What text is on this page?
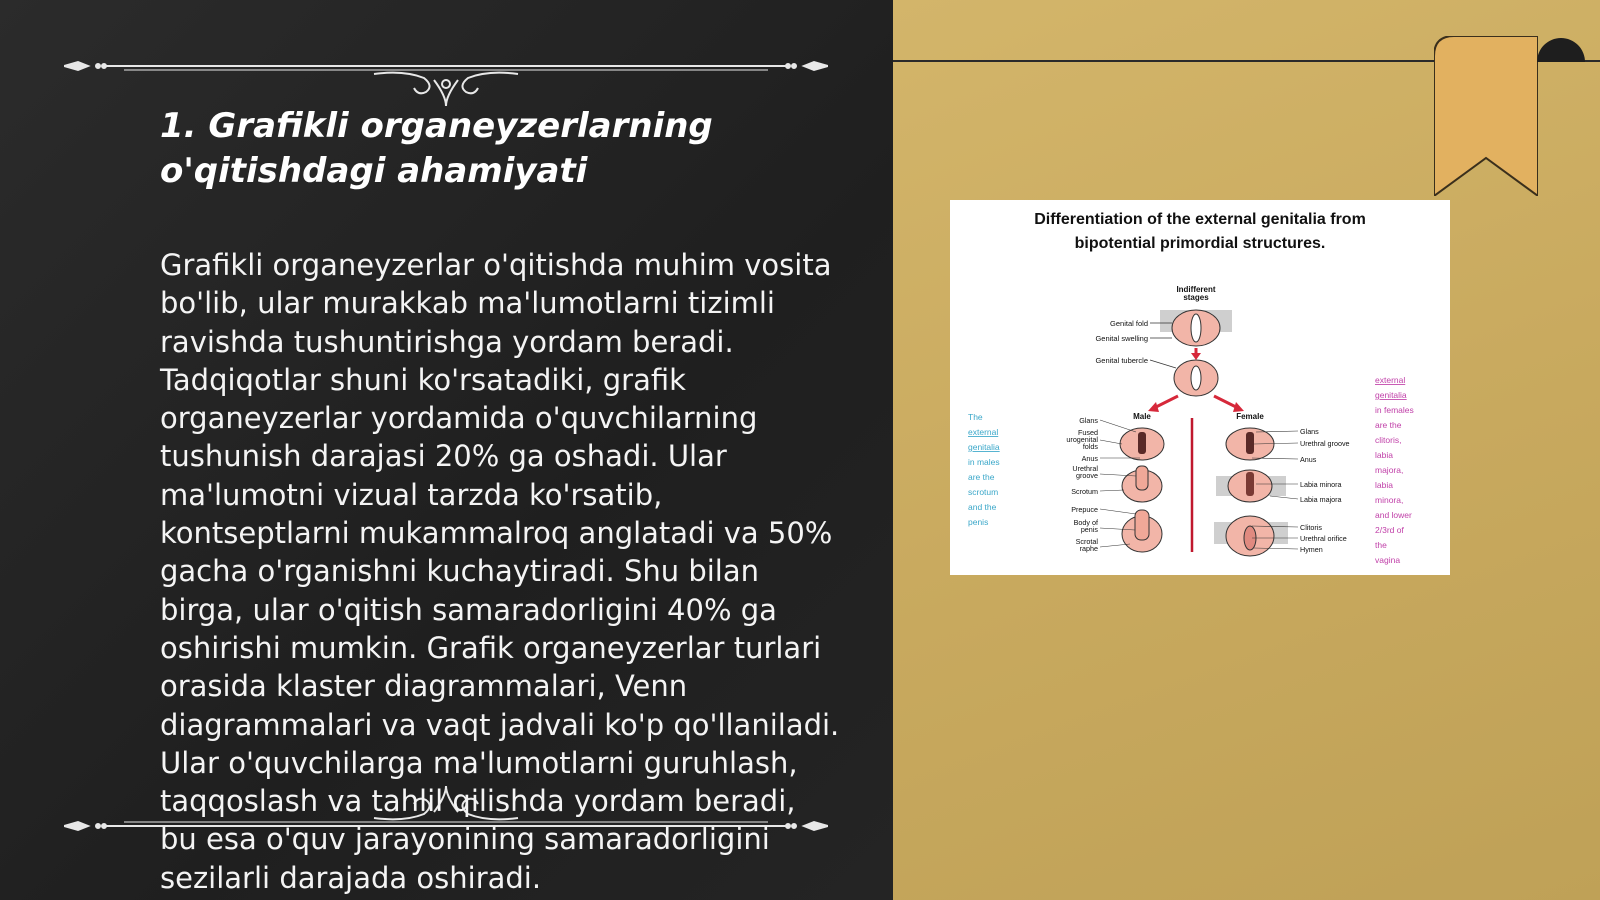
1. Grafikli organeyzerlarning
o'qitishdagi ahamiyati

Grafikli organeyzerlar o'qitishda muhim vosita bo'lib, ular murakkab ma'lumotlarni tizimli ravishda tushuntirishga yordam beradi. Tadqiqotlar shuni ko'rsatadiki, grafik organeyzerlar yordamida o'quvchilarning tushunish darajasi 20% ga oshadi. Ular ma'lumotni vizual tarzda ko'rsatib, kontseptlarni mukammalroq anglatadi va 50% gacha o'rganishni kuchaytiradi. Shu bilan birga, ular o'qitish samaradorligini 40% ga oshirishi mumkin. Grafik organeyzerlar turlari orasida klaster diagrammalari, Venn diagrammalari va vaqt jadvali ko'p qo'llaniladi. Ular o'quvchilarga ma'lumotlarni guruhlash, taqqoslash va tahlil qilishda yordam beradi, bu esa o'quv jarayonining samaradorligini sezilarli darajada oshiradi.

Differentiation of the external genitalia from
bipotential primordial structures.
Indifferent
stages
Genital fold
Genital swelling
Genital tubercle
Male	Female
Glans
Fused
urogenital
folds
Anus
Urethral
groove
Scrotum
Prepuce
Body of
penis
Scrotal
raphe
Glans
Urethral groove
Anus
Labia minora
Labia majora
Clitoris
Urethral orifice
Hymen
The
external
genitalia
in males
are the
scrotum
and the
penis
external
genitalia
in females
are the
clitoris,
labia
majora,
labia
minora,
and lower
2/3rd of
the
vagina
